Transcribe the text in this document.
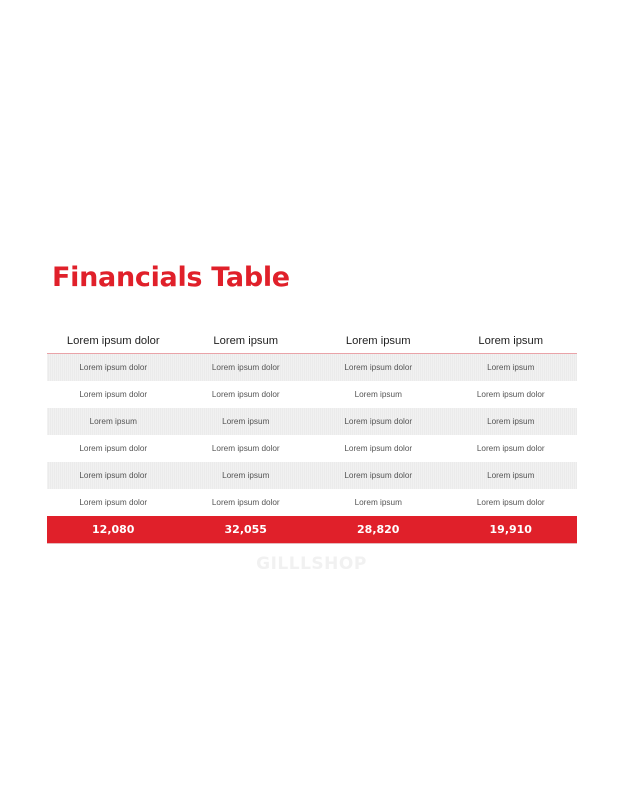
Financials Table
Lorem ipsum dolor	Lorem ipsum	Lorem ipsum	Lorem ipsum
Lorem ipsum dolor	Lorem ipsum dolor	Lorem ipsum dolor	Lorem ipsum
Lorem ipsum dolor	Lorem ipsum dolor	Lorem ipsum	Lorem ipsum dolor
Lorem ipsum	Lorem ipsum	Lorem ipsum dolor	Lorem ipsum
Lorem ipsum dolor	Lorem ipsum dolor	Lorem ipsum dolor	Lorem ipsum dolor
Lorem ipsum dolor	Lorem ipsum	Lorem ipsum dolor	Lorem ipsum
Lorem ipsum dolor	Lorem ipsum dolor	Lorem ipsum	Lorem ipsum dolor
12,080	32,055	28,820	19,910
GILLLSHOP
